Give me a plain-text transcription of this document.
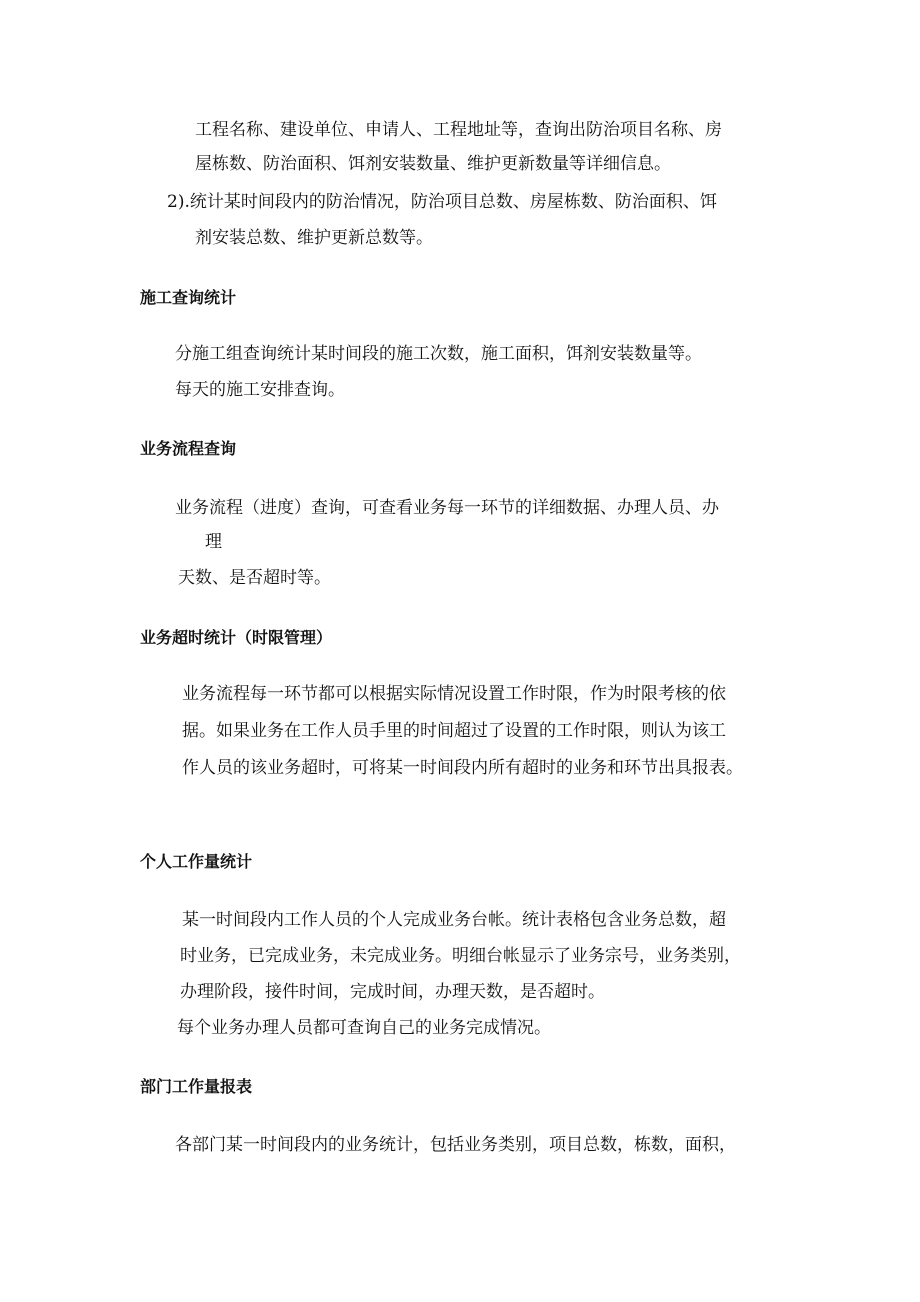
工程名称、建设单位、申请人、工程地址等，查询出防治项目名称、房
屋栋数、防治面积、饵剂安装数量、维护更新数量等详细信息。
2).统计某时间段内的防治情况，防治项目总数、房屋栋数、防治面积、饵
剂安装总数、维护更新总数等。
施工查询统计
分施工组查询统计某时间段的施工次数，施工面积，饵剂安装数量等。
每天的施工安排查询。
业务流程查询
业务流程（进度）查询，可查看业务每一环节的详细数据、办理人员、办
理
天数、是否超时等。
业务超时统计（时限管理）
业务流程每一环节都可以根据实际情况设置工作时限，作为时限考核的依
据。如果业务在工作人员手里的时间超过了设置的工作时限，则认为该工
作人员的该业务超时，可将某一时间段内所有超时的业务和环节出具报表。
个人工作量统计
某一时间段内工作人员的个人完成业务台帐。统计表格包含业务总数，超
时业务，已完成业务，未完成业务。明细台帐显示了业务宗号，业务类别，
办理阶段，接件时间，完成时间，办理天数，是否超时。
每个业务办理人员都可查询自己的业务完成情况。
部门工作量报表
各部门某一时间段内的业务统计，包括业务类别，项目总数，栋数，面积，
